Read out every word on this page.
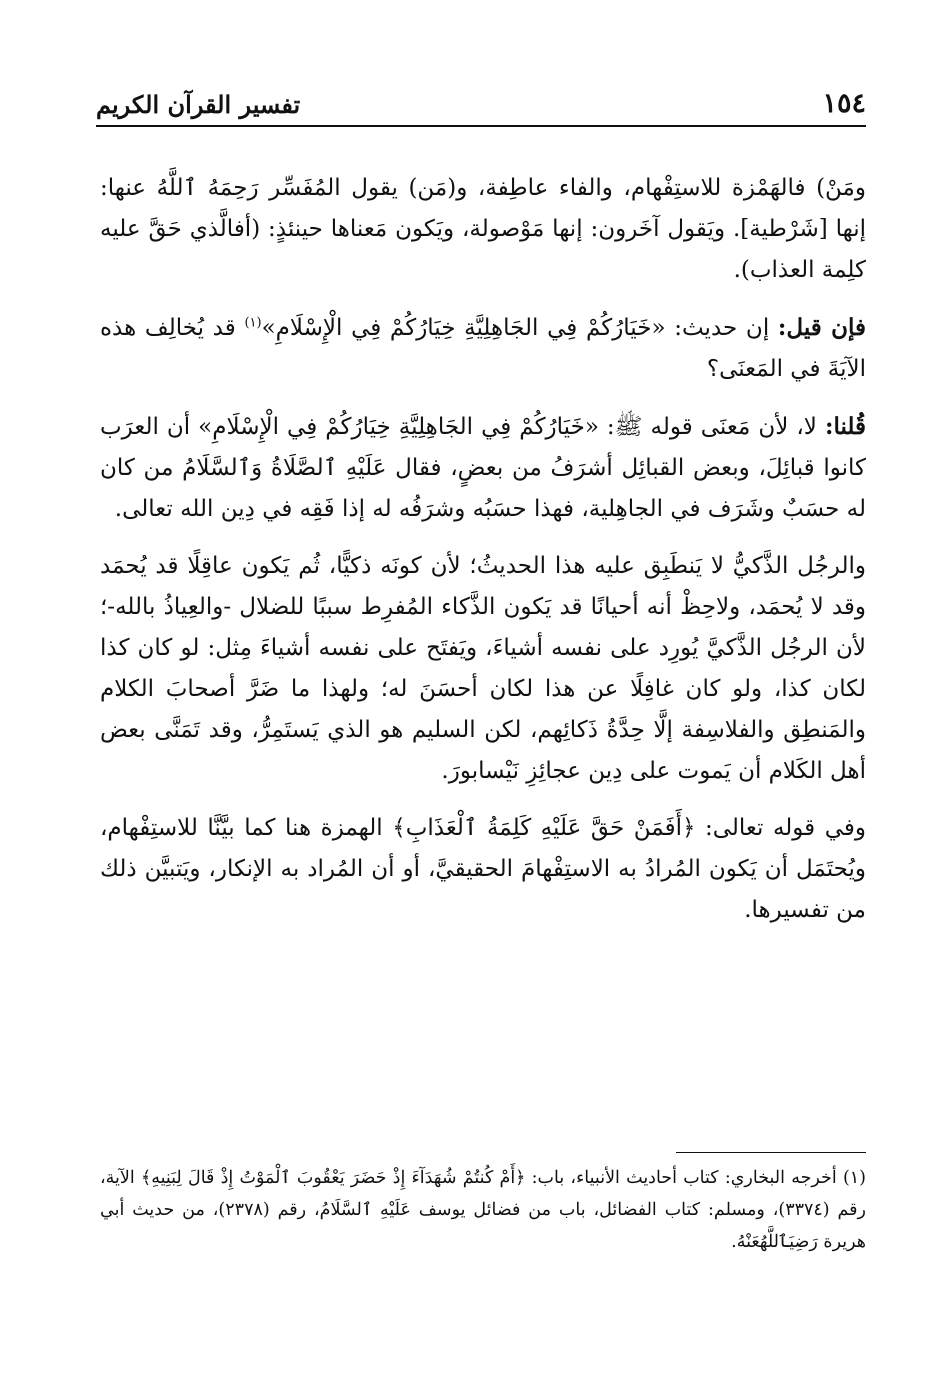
١٥٤
تفسير القرآن الكريم

ومَنْ) فالهَمْزة للاستِفْهام، والفاء عاطِفة، و(مَن) يقول المُفَسِّر رَحِمَهُ ٱللَّهُ عنها: إنها [شَرْطية]. ويَقول آخَرون: إنها مَوْصولة، ويَكون مَعناها حينئذٍ: (أفالَّذي حَقَّ عليه كلِمة العذاب).

فإن قيل: إن حديث: «خَيَارُكُمْ فِي الجَاهِلِيَّةِ خِيَارُكُمْ فِي الْإِسْلَامِ»$^{(١)}$ قد يُخالِف هذه الآيَةَ في المَعنَى؟

قُلنا: لا، لأن مَعنَى قوله ﷺ: «خَيَارُكُمْ فِي الجَاهِلِيَّةِ خِيَارُكُمْ فِي الْإِسْلَامِ» أن العرَب كانوا قبائِلَ، وبعض القبائِل أشرَفُ من بعضٍ، فقال عَلَيْهِ ٱلصَّلَاةُ وَٱلسَّلَامُ من كان له حسَبٌ وشَرَف في الجاهِلية، فهذا حسَبُه وشرَفُه له إذا فَقِه في دِين الله تعالى.

والرجُل الذَّكيُّ لا يَنطَبِق عليه هذا الحديثُ؛ لأن كونَه ذكيًّا، ثُم يَكون عاقِلًا قد يُحمَد وقد لا يُحمَد، ولاحِظْ أنه أحيانًا قد يَكون الذَّكاء المُفرِط سببًا للضلال -والعِياذُ بالله-؛ لأن الرجُل الذَّكيَّ يُورِد على نفسه أشياءَ، ويَفتَح على نفسه أشياءَ مِثل: لو كان كذا لكان كذا، ولو كان غافِلًا عن هذا لكان أحسَنَ له؛ ولهذا ما ضَرَّ أصحابَ الكلام والمَنطِق والفلاسِفة إلَّا حِدَّةُ ذَكائِهم، لكن السليم هو الذي يَستَمِرُّ، وقد تَمَنَّى بعض أهل الكَلام أن يَموت على دِين عجائِزِ نَيْسابورَ.

وفي قوله تعالى: ﴿أَفَمَنْ حَقَّ عَلَيْهِ كَلِمَةُ ٱلْعَذَابِ﴾ الهمزة هنا كما بيَّنَّا للاستِفْهام، ويُحتَمَل أن يَكون المُرادُ به الاستِفْهامَ الحقيقيَّ، أو أن المُراد به الإنكار، ويَتبيَّن ذلك من تفسيرها.

(١) أخرجه البخاري: كتاب أحاديث الأنبياء، باب: ﴿أَمْ كُنتُمْ شُهَدَآءَ إِذْ حَضَرَ يَعْقُوبَ ٱلْمَوْتُ إِذْ قَالَ لِبَنِيهِ﴾ الآية، رقم (٣٣٧٤)، ومسلم: كتاب الفضائل، باب من فضائل يوسف عَلَيْهِ ٱلسَّلَامُ، رقم (٢٣٧٨)، من حديث أبي هريرة رَضِيَٱللَّهُعَنْهُ.
